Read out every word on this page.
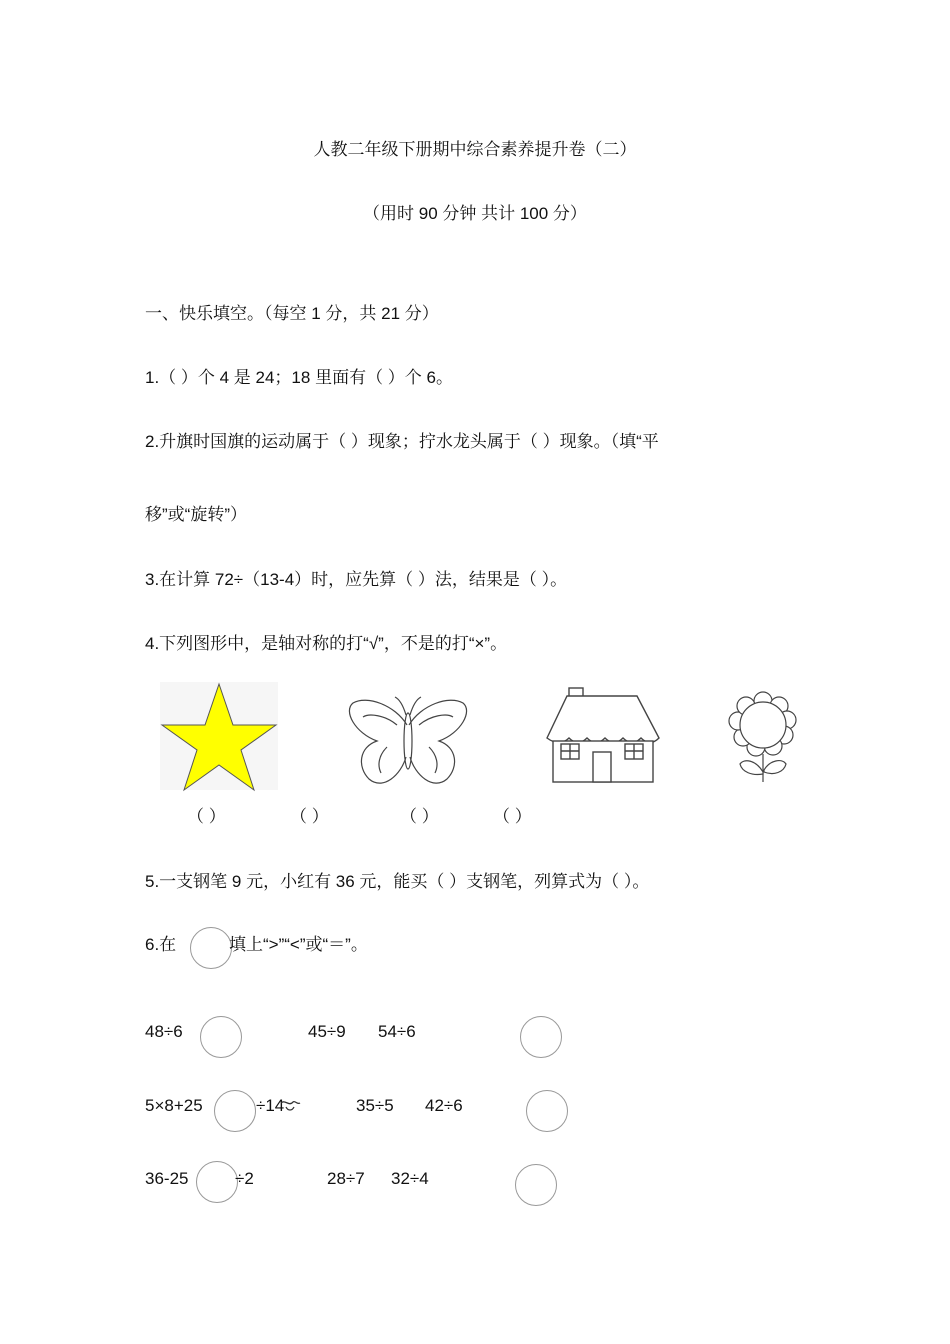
人教二年级下册期中综合素养提升卷（二）
（用时 90 分钟 共计 100 分）
一、快乐填空。（每空 1 分，共 21 分）
1.（ ）个 4 是 24；18 里面有（ ）个 6。
2.升旗时国旗的运动属于（ ）现象；拧水龙头属于（ ）现象。（填“平
移”或“旋转”）
3.在计算 72÷（13-4）时，应先算（ ）法，结果是（ ）。
4.下列图形中，是轴对称的打“√”，不是的打“×”。
（ ）	（ ）	（ ）	（ ）
5.一支钢笔 9 元，小红有 36 元，能买（ ）支钢笔，列算式为（ ）。
6.在	填上“>”“<”或“＝”。
48÷6	45÷9 54÷6
5×8+25	÷14	35÷5 42÷6
36-25	÷2	28÷7 32÷4
